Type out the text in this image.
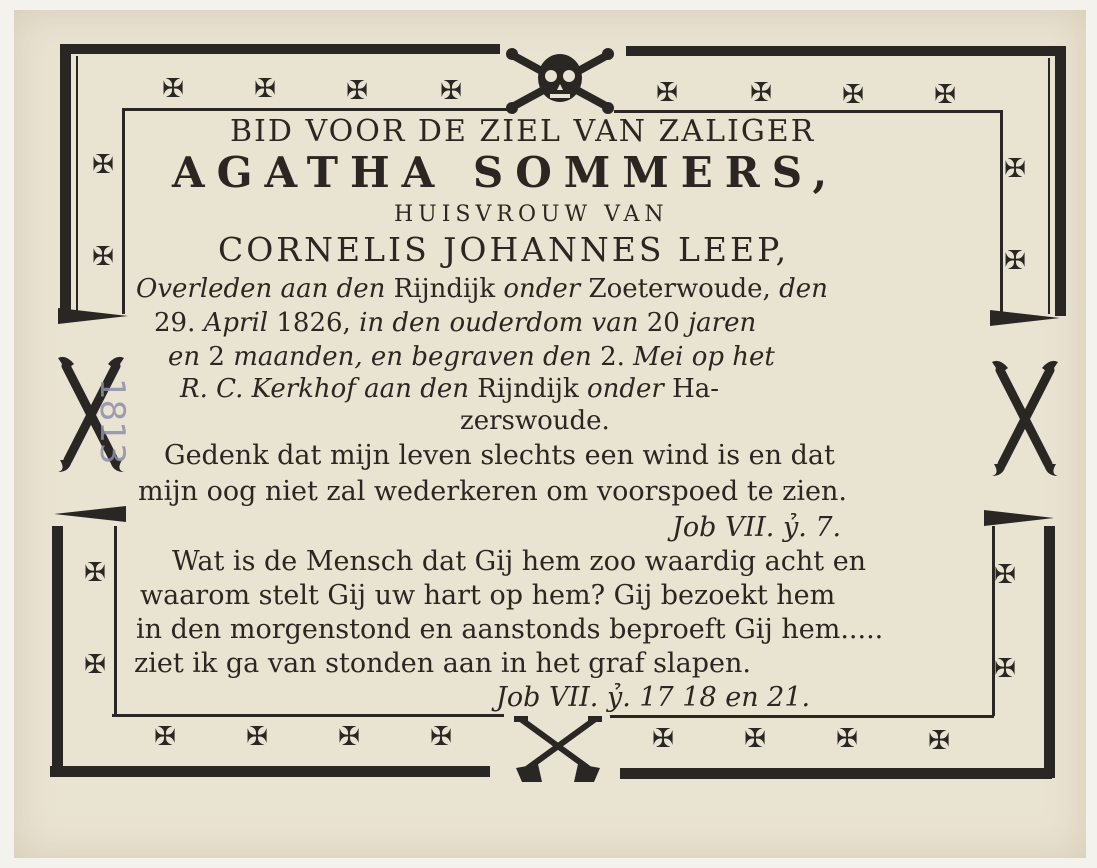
✠	✠	✠	✠	✠	✠	✠	✠
✠
✠
✠
✠
✠
✠
✠
✠
✠	✠	✠	✠	✠	✠	✠	✠
1813
BID VOOR DE ZIEL VAN ZALIGER
AGATHA SOMMERS,
HUISVROUW VAN
CORNELIS JOHANNES LEEP,
Overleden aan den Rijndijk onder Zoeterwoude, den
29. April 1826, in den ouderdom van 20 jaren
en 2 maanden, en begraven den 2. Mei op het
R. C. Kerkhof aan den Rijndijk onder Ha-
zerswoude.
Gedenk dat mijn leven slechts een wind is en dat
mijn oog niet zal wederkeren om voorspoed te zien.
Job VII. ỷ. 7.
Wat is de Mensch dat Gij hem zoo waardig acht en
waarom stelt Gij uw hart op hem? Gij bezoekt hem
in den morgenstond en aanstonds beproeft Gij hem.....
ziet ik ga van stonden aan in het graf slapen.
Job VII. ỷ. 17 18 en 21.
